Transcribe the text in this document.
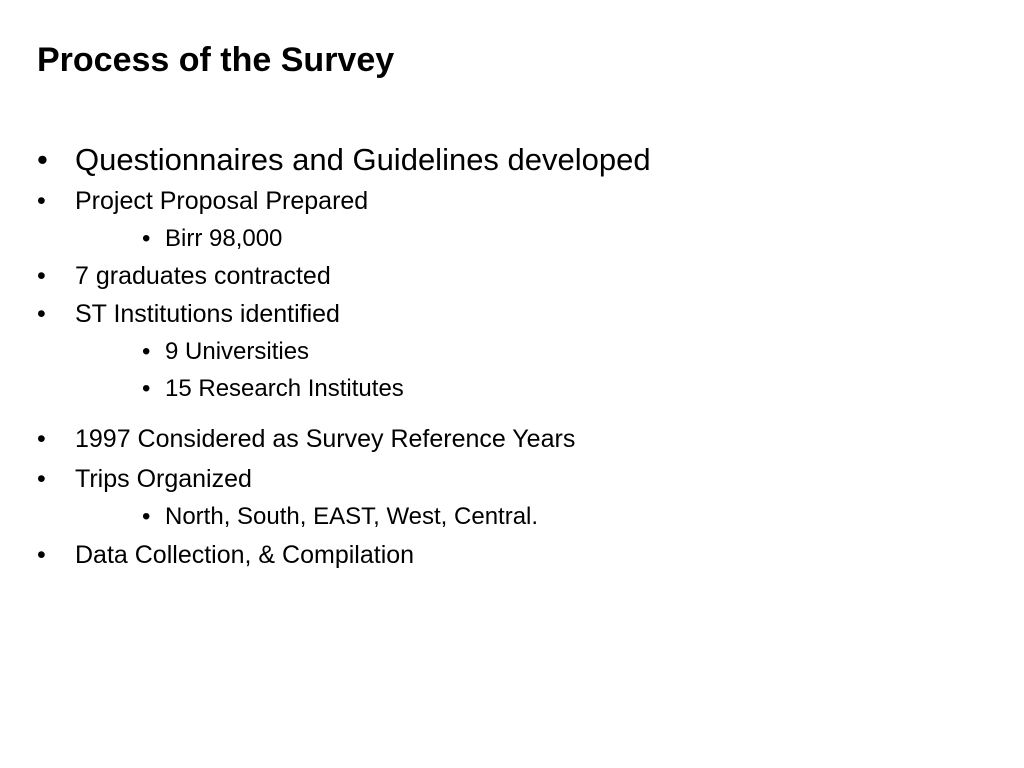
Process of the Survey
• Questionnaires and Guidelines developed
• Project Proposal Prepared
• Birr 98,000
• 7 graduates contracted
• ST Institutions identified
• 9 Universities
• 15 Research Institutes
• 1997 Considered as Survey Reference Years
• Trips Organized
• North, South, EAST, West, Central.
• Data Collection, & Compilation
